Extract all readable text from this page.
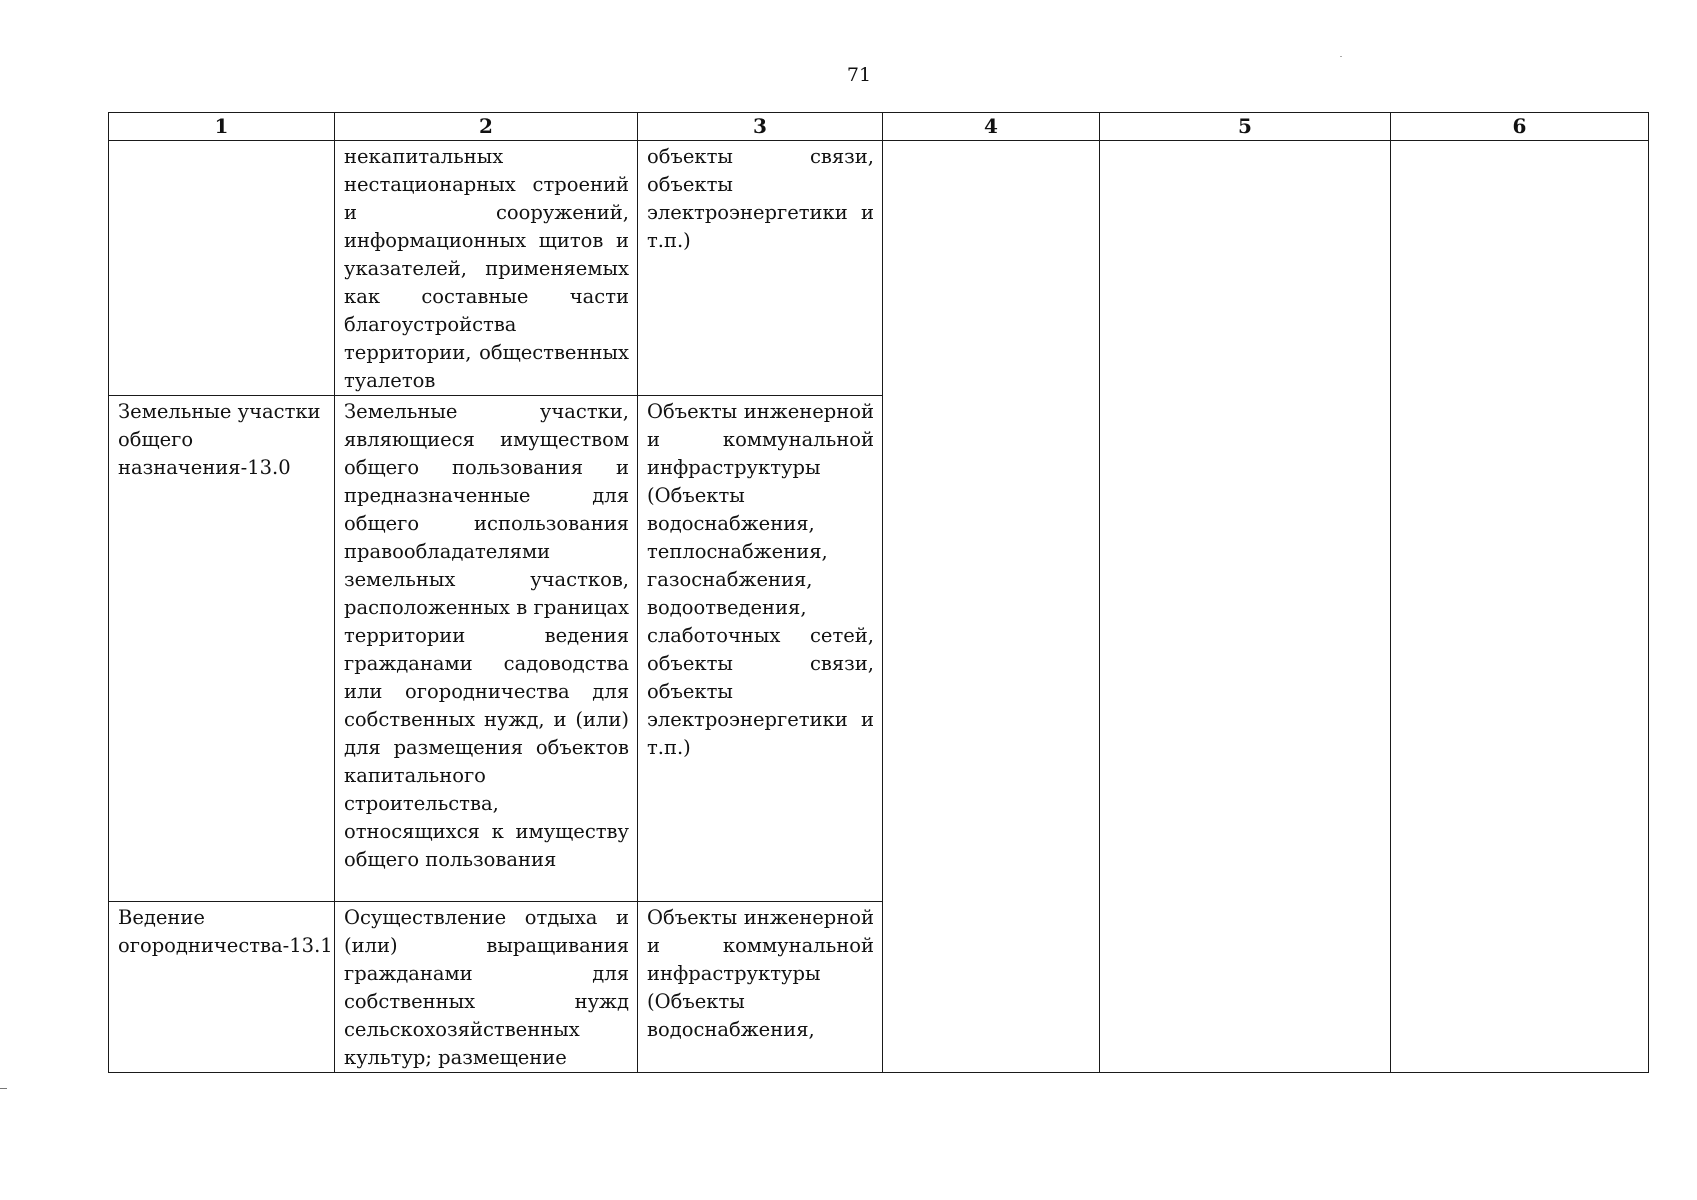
71
1	2	3	4	5	6
	некапитальных нестационарных строений и сооружений, информационных щитов и указателей, применяемых как составные части благоустройства территории, общественных туалетов	объекты связи, объекты электроэнергетики и т.п.)			
Земельные участки общего назначения-13.0	Земельные участки, являющиеся имуществом общего пользования и предназначенные для общего использования правообладателями земельных участков, расположенных в границах территории ведения гражданами садоводства или огородничества для собственных нужд, и (или) для размещения объектов капитального строительства, относящихся к имуществу общего пользования	Объекты инженерной и коммунальной инфраструктуры (Объекты водоснабжения, теплоснабжения, газоснабжения, водоотведения, слаботочных сетей, объекты связи, объекты электроэнергетики и т.п.)			
Ведение огородничества-13.1	Осуществление отдыха и (или) выращивания гражданами для собственных нужд сельскохозяйственных культур; размещение	Объекты инженерной и коммунальной инфраструктуры (Объекты водоснабжения,			
